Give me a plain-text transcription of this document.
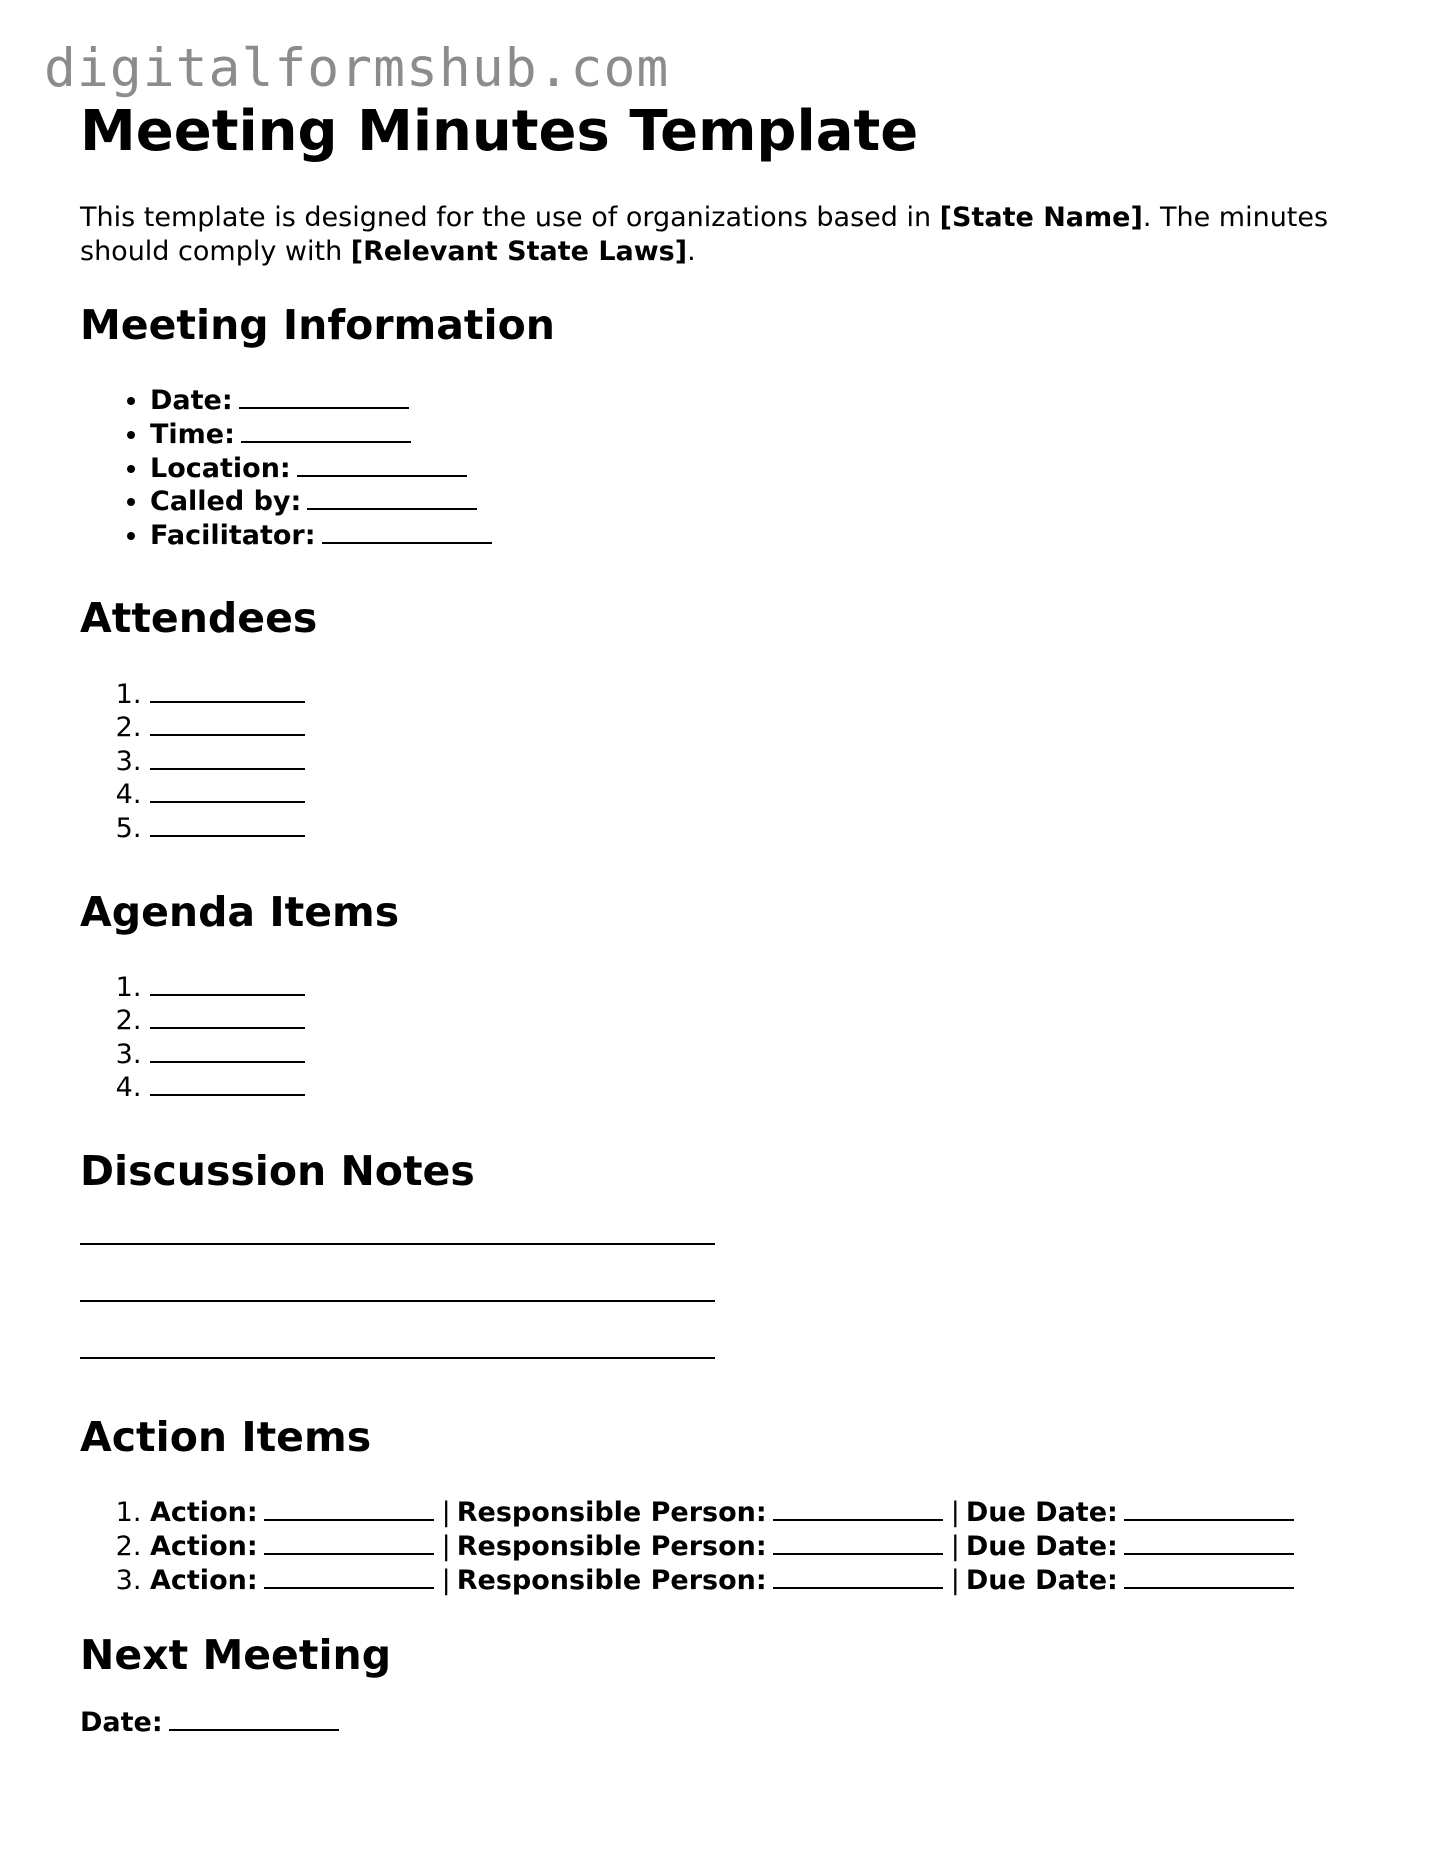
digitalformshub.com
Meeting Minutes Template

This template is designed for the use of organizations based in [State Name]. The minutes should comply with [Relevant State Laws].

Meeting Information
• Date:
• Time:
• Location:
• Called by:
• Facilitator:
Attendees
1.
2.
3.
4.
5.
Agenda Items
1.
2.
3.
4.
Discussion Notes
Action Items
1. Action:	| Responsible Person:	| Due Date:
2. Action:	| Responsible Person:	| Due Date:
3. Action:	| Responsible Person:	| Due Date:
Next Meeting
Date:
